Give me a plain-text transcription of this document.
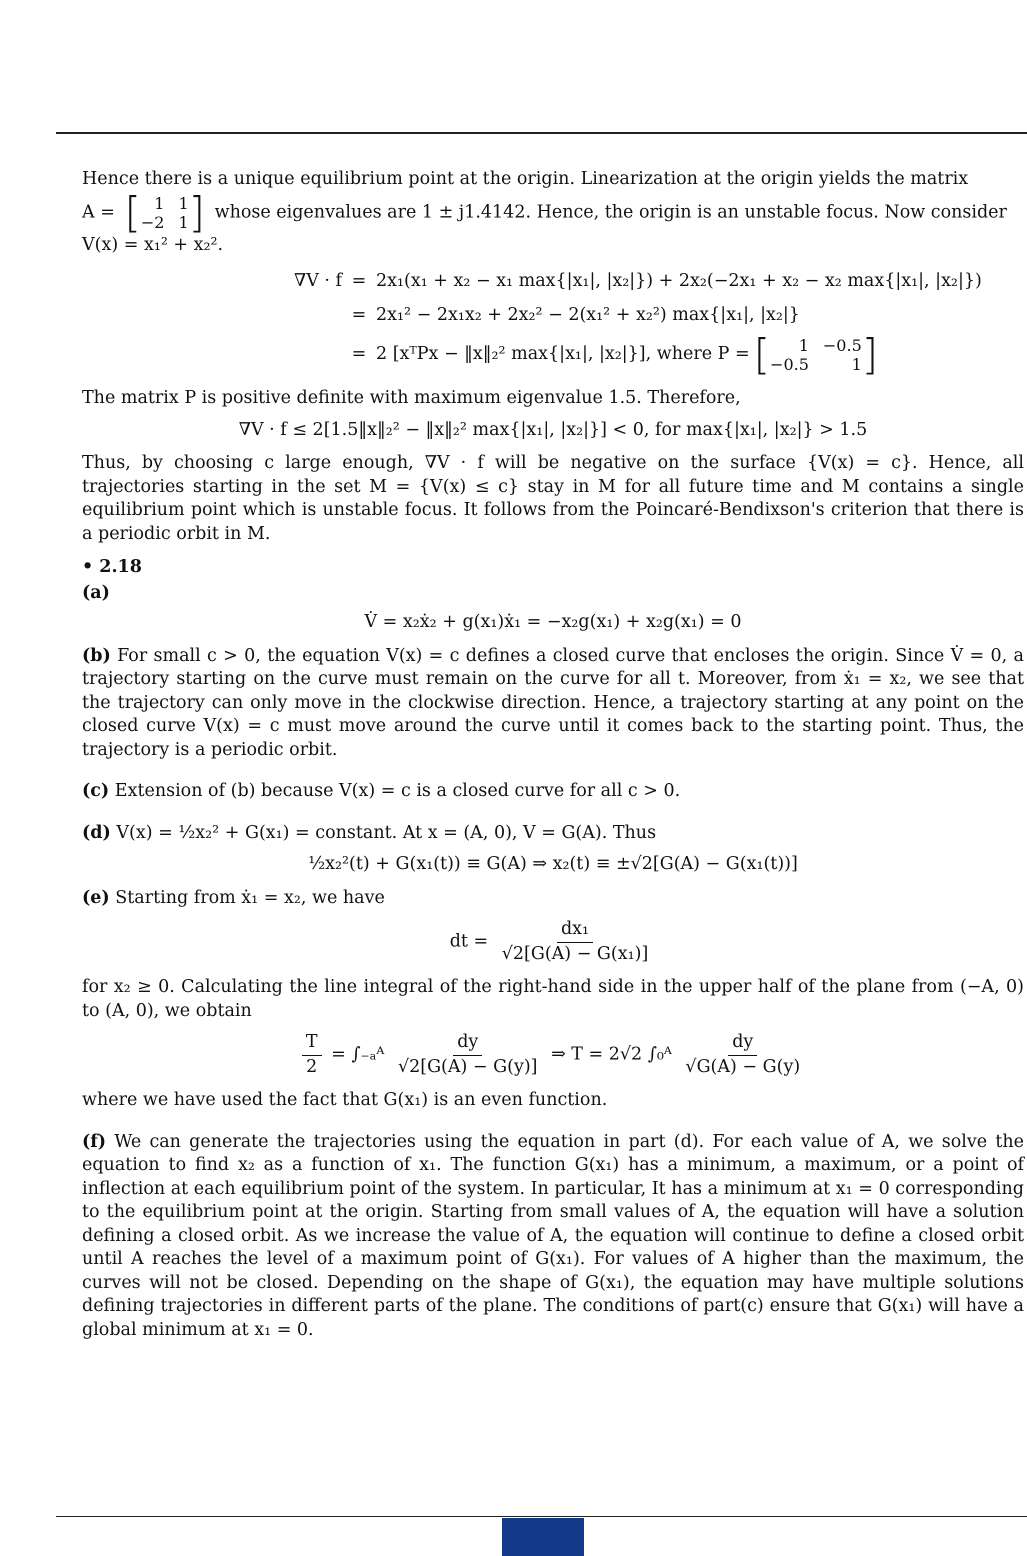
Hence there is a unique equilibrium point at the origin. Linearization at the origin yields the matrix
A = [ 1 1
−2 1 ] whose eigenvalues are 1 ± j1.4142. Hence, the origin is an unstable focus. Now consider
V(x) = x₁² + x₂².

∇V · f = 2x₁(x₁ + x₂ − x₁ max{|x₁|, |x₂|}) + 2x₂(−2x₁ + x₂ − x₂ max{|x₁|, |x₂|})
= 2x₁² − 2x₁x₂ + 2x₂² − 2(x₁² + x₂²) max{|x₁|, |x₂|}
= 2 [xᵀPx − ‖x‖₂² max{|x₁|, |x₂|}], where P = [	1 −0.5
−0.5	1 ]

The matrix P is positive definite with maximum eigenvalue 1.5. Therefore,

∇V · f ≤ 2[1.5‖x‖₂² − ‖x‖₂² max{|x₁|, |x₂|}] < 0, for max{|x₁|, |x₂|} > 1.5

Thus, by choosing c large enough, ∇V · f will be negative on the surface {V(x) = c}. Hence, all trajectories starting in the set M = {V(x) ≤ c} stay in M for all future time and M contains a single equilibrium point which is unstable focus. It follows from the Poincaré-Bendixson's criterion that there is a periodic orbit in M.

• 2.18
(a)
V̇ = x₂ẋ₂ + g(x₁)ẋ₁ = −x₂g(x₁) + x₂g(x₁) = 0

(b) For small c > 0, the equation V(x) = c defines a closed curve that encloses the origin. Since V̇ = 0, a trajectory starting on the curve must remain on the curve for all t. Moreover, from ẋ₁ = x₂, we see that the trajectory can only move in the clockwise direction. Hence, a trajectory starting at any point on the closed curve V(x) = c must move around the curve until it comes back to the starting point. Thus, the trajectory is a periodic orbit.

(c) Extension of (b) because V(x) = c is a closed curve for all c > 0.

(d) V(x) = ½x₂² + G(x₁) = constant. At x = (A, 0), V = G(A). Thus

½x₂²(t) + G(x₁(t)) ≡ G(A) ⇒ x₂(t) ≡ ±√2[G(A) − G(x₁(t))]

(e) Starting from ẋ₁ = x₂, we have

dt = $\frac{\text{dx₁}}{\text{√2[G(A) − G(x₁)]}}$

for x₂ ≥ 0. Calculating the line integral of the right-hand side in the upper half of the plane from (−A, 0) to (A, 0), we obtain

$\frac{T}{2}$ = ∫₋ₐᴬ $\frac{dy}{√2[G(A) - G(y)]}$ ⇒ T = 2√2 ∫₀ᴬ $\frac{dy}{√G(A) - G(y)}$

where we have used the fact that G(x₁) is an even function.

(f) We can generate the trajectories using the equation in part (d). For each value of A, we solve the equation to find x₂ as a function of x₁. The function G(x₁) has a minimum, a maximum, or a point of inflection at each equilibrium point of the system. In particular, It has a minimum at x₁ = 0 corresponding to the equilibrium point at the origin. Starting from small values of A, the equation will have a solution defining a closed orbit. As we increase the value of A, the equation will continue to define a closed orbit until A reaches the level of a maximum point of G(x₁). For values of A higher than the maximum, the curves will not be closed. Depending on the shape of G(x₁), the equation may have multiple solutions defining trajectories in different parts of the plane. The conditions of part(c) ensure that G(x₁) will have a global minimum at x₁ = 0.
